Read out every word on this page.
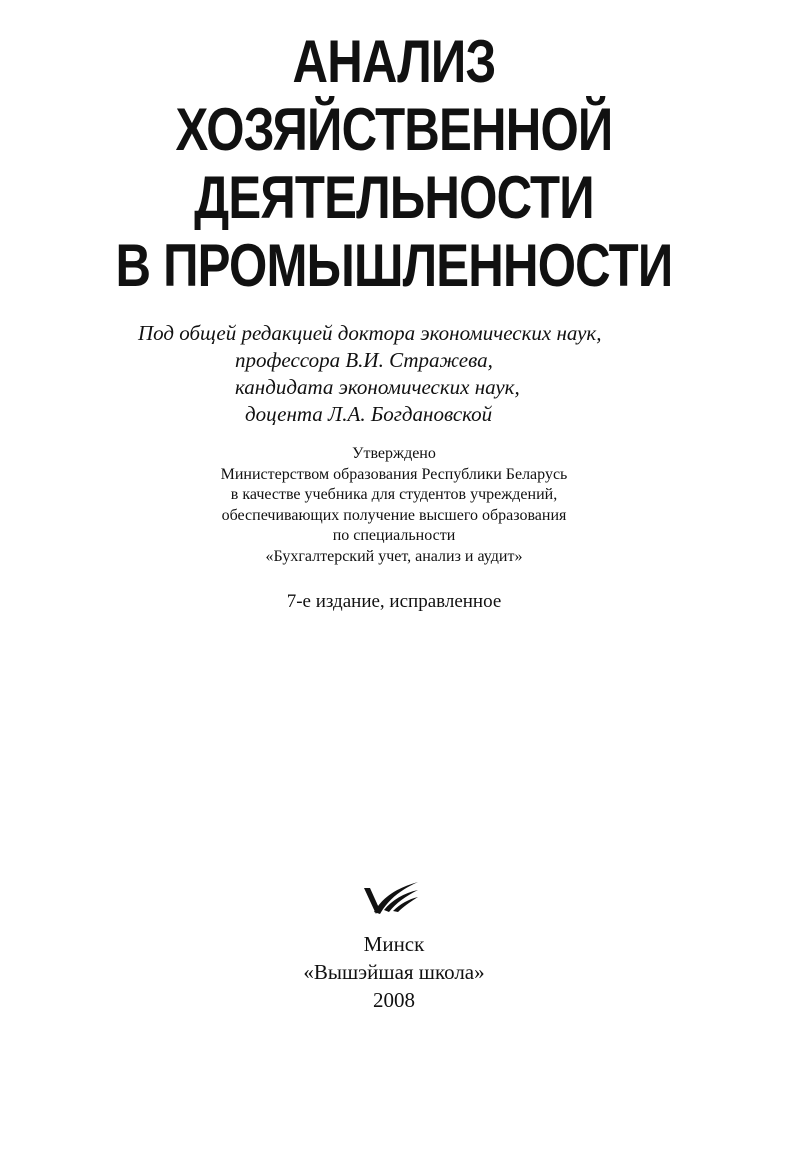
АНАЛИЗ
ХОЗЯЙСТВЕННОЙ
ДЕЯТЕЛЬНОСТИ
В ПРОМЫШЛЕННОСТИ
Под общей редакцией доктора экономических наук,
профессора В.И. Стражева,
кандидата экономических наук,
доцента Л.А. Богдановской
Утверждено
Министерством образования Республики Беларусь
в качестве учебника для студентов учреждений,
обеспечивающих получение высшего образования
по специальности
«Бухгалтерский учет, анализ и аудит»
7-е издание, исправленное
Минск
«Вышэйшая школа»
2008
